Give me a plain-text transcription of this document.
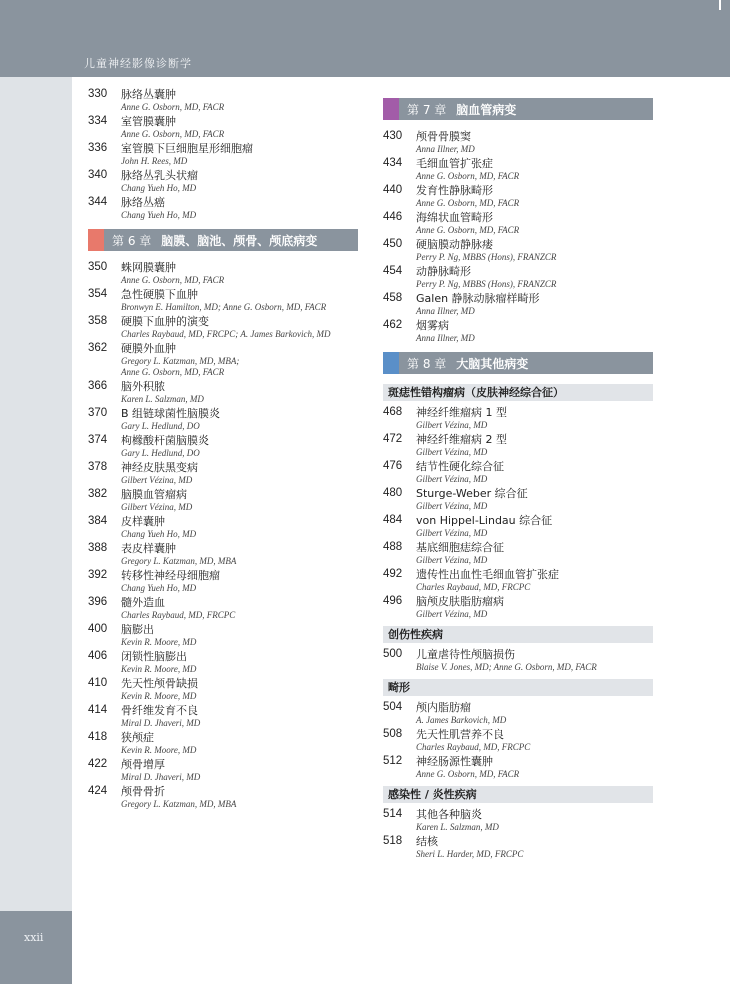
儿童神经影像诊断学
xxii
330 脉络丛囊肿
Anne G. Osborn, MD, FACR
334 室管膜囊肿
Anne G. Osborn, MD, FACR
336 室管膜下巨细胞星形细胞瘤
John H. Rees, MD
340 脉络丛乳头状瘤
Chang Yueh Ho, MD
344 脉络丛癌
Chang Yueh Ho, MD
第 6 章 脑膜、脑池、颅骨、颅底病变
350 蛛网膜囊肿
Anne G. Osborn, MD, FACR
354 急性硬膜下血肿
Bronwyn E. Hamilton, MD; Anne G. Osborn, MD, FACR
358 硬膜下血肿的演变
Charles Raybaud, MD, FRCPC; A. James Barkovich, MD
362 硬膜外血肿
Gregory L. Katzman, MD, MBA;
Anne G. Osborn, MD, FACR
366 脑外积脓
Karen L. Salzman, MD
370 B 组链球菌性脑膜炎
Gary L. Hedlund, DO
374 枸橼酸杆菌脑膜炎
Gary L. Hedlund, DO
378 神经皮肤黑变病
Gilbert Vézina, MD
382 脑膜血管瘤病
Gilbert Vézina, MD
384 皮样囊肿
Chang Yueh Ho, MD
388 表皮样囊肿
Gregory L. Katzman, MD, MBA
392 转移性神经母细胞瘤
Chang Yueh Ho, MD
396 髓外造血
Charles Raybaud, MD, FRCPC
400 脑膨出
Kevin R. Moore, MD
406 闭锁性脑膨出
Kevin R. Moore, MD
410 先天性颅骨缺损
Kevin R. Moore, MD
414 骨纤维发育不良
Miral D. Jhaveri, MD
418 狭颅症
Kevin R. Moore, MD
422 颅骨增厚
Miral D. Jhaveri, MD
424 颅骨骨折
Gregory L. Katzman, MD, MBA
第 7 章 脑血管病变
430 颅骨骨膜窦
Anna Illner, MD
434 毛细血管扩张症
Anne G. Osborn, MD, FACR
440 发育性静脉畸形
Anne G. Osborn, MD, FACR
446 海绵状血管畸形
Anne G. Osborn, MD, FACR
450 硬脑膜动静脉瘘
Perry P. Ng, MBBS (Hons), FRANZCR
454 动静脉畸形
Perry P. Ng, MBBS (Hons), FRANZCR
458 Galen 静脉动脉瘤样畸形
Anna Illner, MD
462 烟雾病
Anna Illner, MD
第 8 章 大脑其他病变
斑痣性错构瘤病（皮肤神经综合征）
468 神经纤维瘤病 1 型
Gilbert Vézina, MD
472 神经纤维瘤病 2 型
Gilbert Vézina, MD
476 结节性硬化综合征
Gilbert Vézina, MD
480 Sturge-Weber 综合征
Gilbert Vézina, MD
484 von Hippel-Lindau 综合征
Gilbert Vézina, MD
488 基底细胞痣综合征
Gilbert Vézina, MD
492 遗传性出血性毛细血管扩张症
Charles Raybaud, MD, FRCPC
496 脑颅皮肤脂肪瘤病
Gilbert Vézina, MD
创伤性疾病
500 儿童虐待性颅脑损伤
Blaise V. Jones, MD; Anne G. Osborn, MD, FACR
畸形
504 颅内脂肪瘤
A. James Barkovich, MD
508 先天性肌营养不良
Charles Raybaud, MD, FRCPC
512 神经肠源性囊肿
Anne G. Osborn, MD, FACR
感染性 / 炎性疾病
514 其他各种脑炎
Karen L. Salzman, MD
518 结核
Sheri L. Harder, MD, FRCPC
